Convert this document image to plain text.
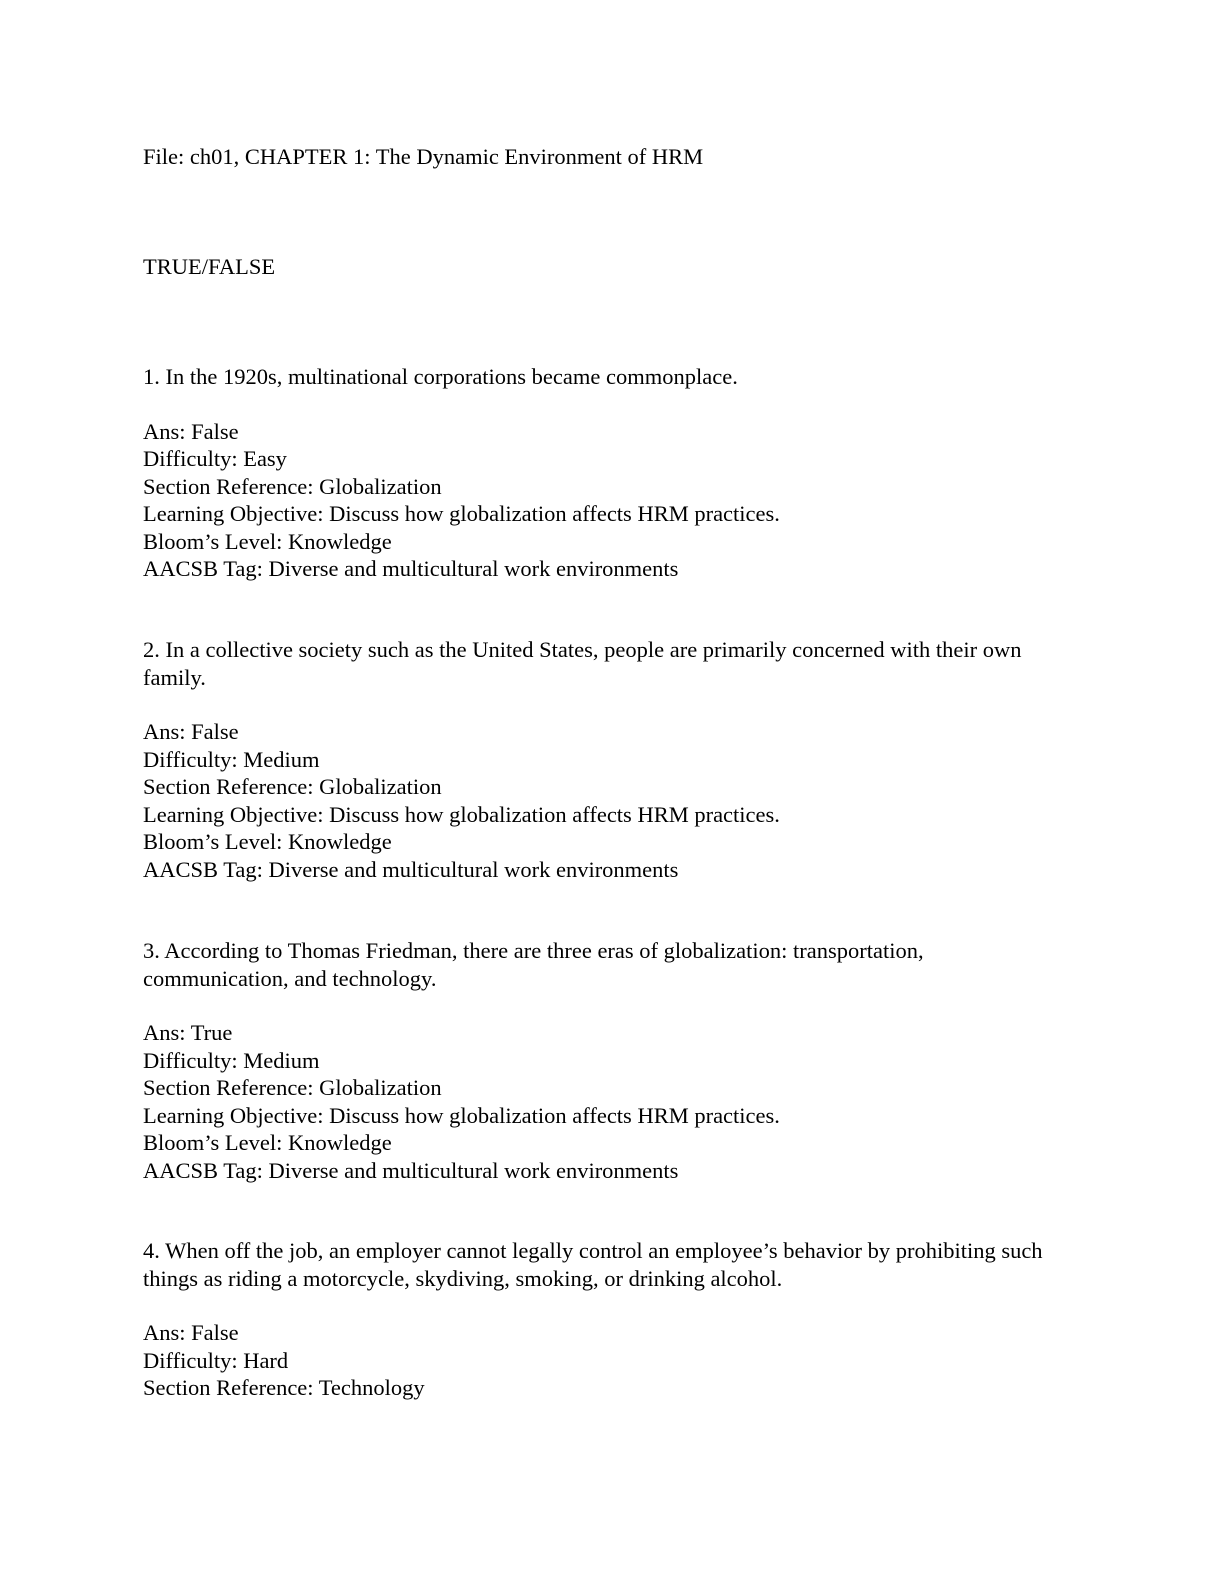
File: ch01, CHAPTER 1: The Dynamic Environment of HRM
TRUE/FALSE

1. In the 1920s, multinational corporations became commonplace.

Ans: False
Difficulty: Easy
Section Reference: Globalization
Learning Objective: Discuss how globalization affects HRM practices.
Bloom’s Level: Knowledge
AACSB Tag: Diverse and multicultural work environments

2. In a collective society such as the United States, people are primarily concerned with their own family.

Ans: False
Difficulty: Medium
Section Reference: Globalization
Learning Objective: Discuss how globalization affects HRM practices.
Bloom’s Level: Knowledge
AACSB Tag: Diverse and multicultural work environments

3. According to Thomas Friedman, there are three eras of globalization: transportation, communication, and technology.

Ans: True
Difficulty: Medium
Section Reference: Globalization
Learning Objective: Discuss how globalization affects HRM practices.
Bloom’s Level: Knowledge
AACSB Tag: Diverse and multicultural work environments

4. When off the job, an employer cannot legally control an employee’s behavior by prohibiting such things as riding a motorcycle, skydiving, smoking, or drinking alcohol.

Ans: False
Difficulty: Hard
Section Reference: Technology
